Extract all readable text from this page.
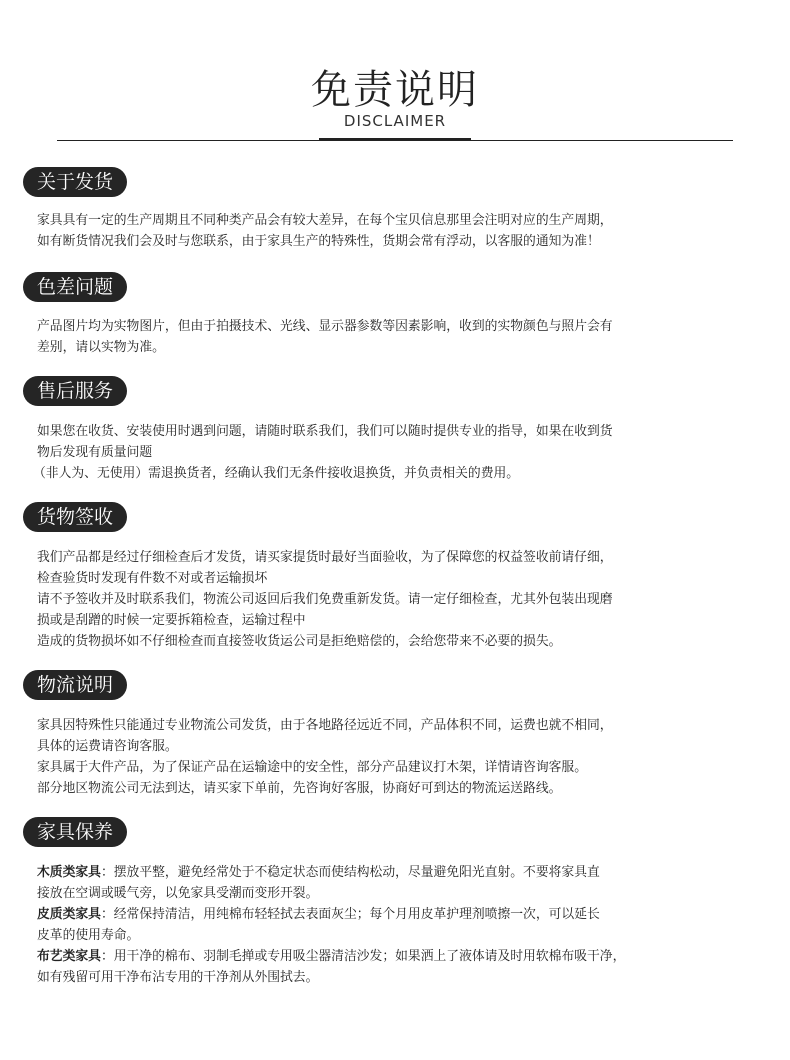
免责说明
DISCLAIMER
关于发货

家具具有一定的生产周期且不同种类产品会有较大差异，在每个宝贝信息那里会注明对应的生产周期，

如有断货情况我们会及时与您联系，由于家具生产的特殊性，货期会常有浮动，以客服的通知为准！

色差问题

产品图片均为实物图片，但由于拍摄技术、光线、显示器参数等因素影响，收到的实物颜色与照片会有

差别，请以实物为准。

售后服务

如果您在收货、安装使用时遇到问题，请随时联系我们，我们可以随时提供专业的指导，如果在收到货

物后发现有质量问题

（非人为、无使用）需退换货者，经确认我们无条件接收退换货，并负责相关的费用。

货物签收

我们产品都是经过仔细检查后才发货，请买家提货时最好当面验收，为了保障您的权益签收前请仔细，

检查验货时发现有件数不对或者运输损坏

请不予签收并及时联系我们，物流公司返回后我们免费重新发货。请一定仔细检查，尤其外包装出现磨

损或是刮蹭的时候一定要拆箱检查，运输过程中

造成的货物损坏如不仔细检查而直接签收货运公司是拒绝赔偿的，会给您带来不必要的损失。

物流说明

家具因特殊性只能通过专业物流公司发货，由于各地路径远近不同，产品体积不同，运费也就不相同，

具体的运费请咨询客服。

家具属于大件产品，为了保证产品在运输途中的安全性，部分产品建议打木架，详情请咨询客服。

部分地区物流公司无法到达，请买家下单前，先咨询好客服，协商好可到达的物流运送路线。

家具保养

木质类家具：摆放平整，避免经常处于不稳定状态而使结构松动，尽量避免阳光直射。不要将家具直

接放在空调或暖气旁，以免家具受潮而变形开裂。

皮质类家具：经常保持清洁，用纯棉布轻轻拭去表面灰尘；每个月用皮革护理剂喷擦一次，可以延长

皮革的使用寿命。

布艺类家具：用干净的棉布、羽制毛掸或专用吸尘器清洁沙发；如果洒上了液体请及时用软棉布吸干净，

如有残留可用干净布沾专用的干净剂从外围拭去。
